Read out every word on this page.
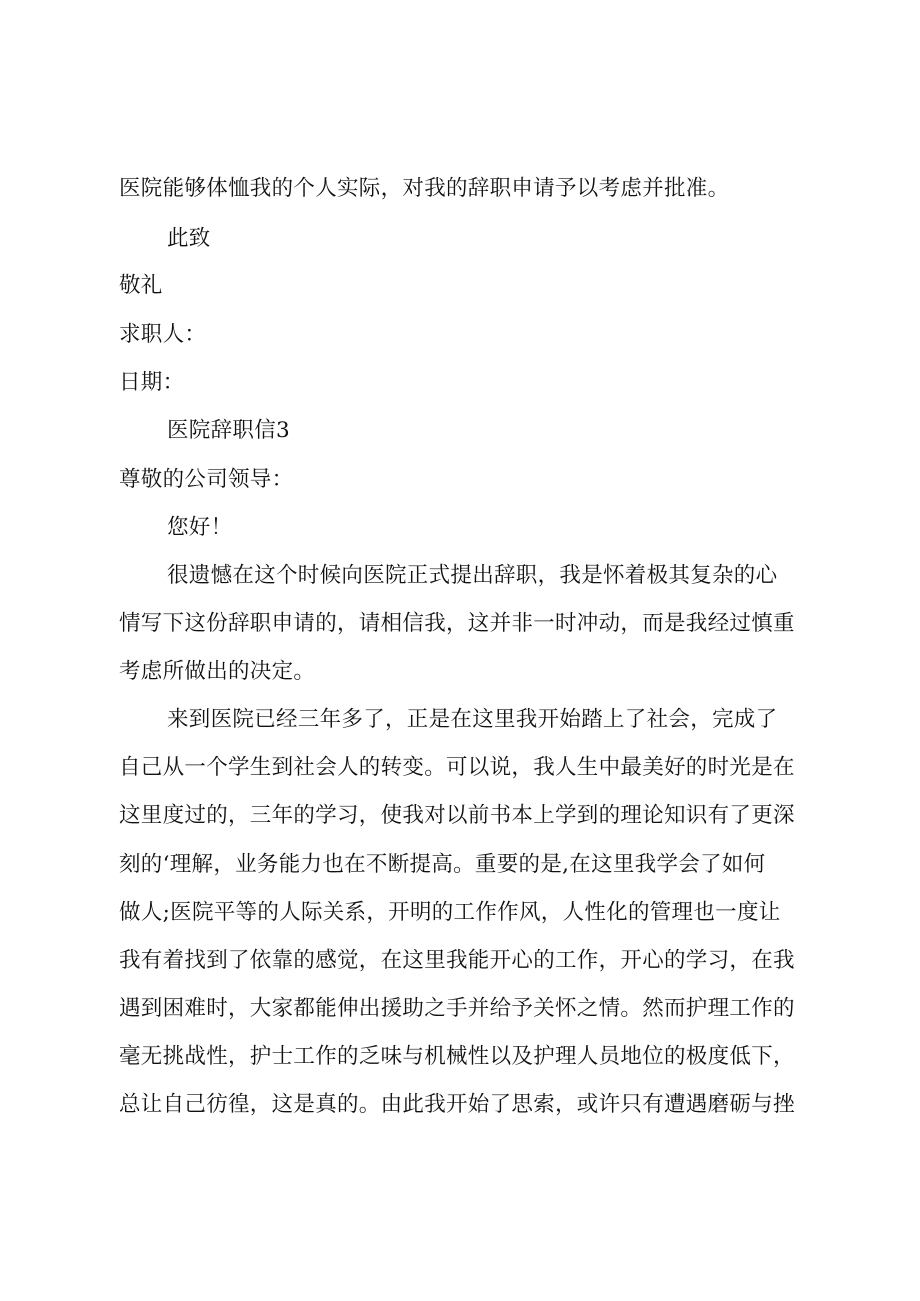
医院能够体恤我的个人实际，对我的辞职申请予以考虑并批准。
此致
敬礼
求职人：
日期：
医院辞职信3
尊敬的公司领导：
您好！
很遗憾在这个时候向医院正式提出辞职，我是怀着极其复杂的心
情写下这份辞职申请的，请相信我，这并非一时冲动，而是我经过慎重
考虑所做出的决定。
来到医院已经三年多了，正是在这里我开始踏上了社会，完成了
自己从一个学生到社会人的转变。可以说，我人生中最美好的时光是在
这里度过的，三年的学习，使我对以前书本上学到的理论知识有了更深
刻的‘理解，业务能力也在不断提高。重要的是,在这里我学会了如何
做人;医院平等的人际关系，开明的工作作风，人性化的管理也一度让
我有着找到了依靠的感觉，在这里我能开心的工作，开心的学习，在我
遇到困难时，大家都能伸出援助之手并给予关怀之情。然而护理工作的
毫无挑战性，护士工作的乏味与机械性以及护理人员地位的极度低下，
总让自己彷徨，这是真的。由此我开始了思索，或许只有遭遇磨砺与挫
